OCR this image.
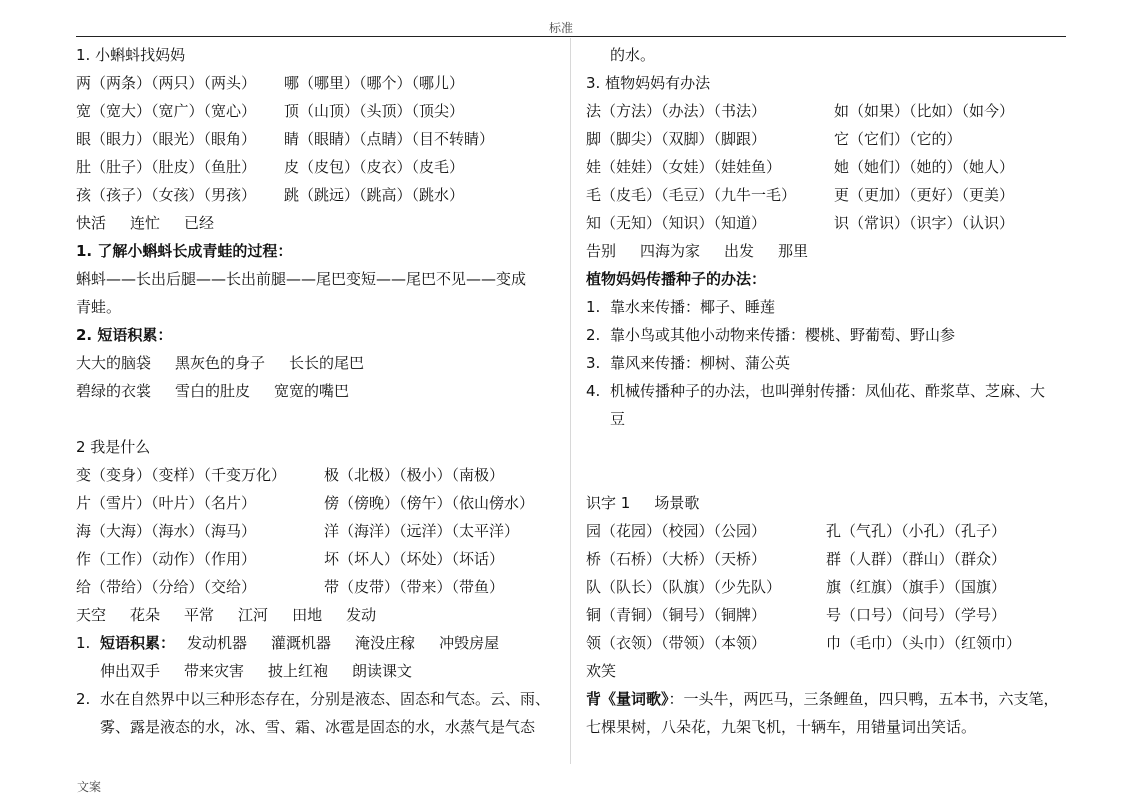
标准
1. 小蝌蚪找妈妈
两（两条）（两只）（两头） 哪（哪里）（哪个）（哪儿）
宽（宽大）（宽广）（宽心） 顶（山顶）（头顶）（顶尖）
眼（眼力）（眼光）（眼角） 睛（眼睛）（点睛）（目不转睛）
肚（肚子）（肚皮）（鱼肚） 皮（皮包）（皮衣）（皮毛）
孩（孩子）（女孩）（男孩） 跳（跳远）（跳高）（跳水）
快活 连忙 已经
1. 了解小蝌蚪长成青蛙的过程：
蝌蚪——长出后腿——长出前腿——尾巴变短——尾巴不见——变成
青蛙。
2. 短语积累：
大大的脑袋 黑灰色的身子 长长的尾巴
碧绿的衣裳 雪白的肚皮 宽宽的嘴巴
2 我是什么
变（变身）（变样）（千变万化）	极（北极）（极小）（南极）
片（雪片）（叶片）（名片）	傍（傍晚）（傍午）（依山傍水）
海（大海）（海水）（海马）	洋（海洋）（远洋）（太平洋）
作（工作）（动作）（作用）	坏（坏人）（坏处）（坏话）
给（带给）（分给）（交给）	带（皮带）（带来）（带鱼）
天空 花朵 平常 江河 田地 发动
1. 短语积累： 发动机器 灌溉机器 淹没庄稼 冲毁房屋
伸出双手 带来灾害 披上红袍 朗读课文
2. 水在自然界中以三种形态存在，分别是液态、固态和气态。云、雨、
雾、露是液态的水，冰、雪、霜、冰雹是固态的水，水蒸气是气态
的水。
3. 植物妈妈有办法
法（方法）（办法）（书法）	如（如果）（比如）（如今）
脚（脚尖）（双脚）（脚跟）	它（它们）（它的）
娃（娃娃）（女娃）（娃娃鱼）	她（她们）（她的）（她人）
毛（皮毛）（毛豆）（九牛一毛）	更（更加）（更好）（更美）
知（无知）（知识）（知道）	识（常识）（识字）（认识）
告别 四海为家 出发 那里
植物妈妈传播种子的办法：
1. 靠水来传播：椰子、睡莲
2. 靠小鸟或其他小动物来传播：樱桃、野葡萄、野山参
3. 靠风来传播：柳树、蒲公英
4. 机械传播种子的办法，也叫弹射传播：凤仙花、酢浆草、芝麻、大
豆
识字 1 场景歌
园（花园）（校园）（公园）	孔（气孔）（小孔）（孔子）
桥（石桥）（大桥）（天桥）	群（人群）（群山）（群众）
队（队长）（队旗）（少先队）	旗（红旗）（旗手）（国旗）
铜（青铜）（铜号）（铜牌）	号（口号）（问号）（学号）
领（衣领）（带领）（本领）	巾（毛巾）（头巾）（红领巾）
欢笑
背《量词歌》：一头牛，两匹马，三条鲤鱼，四只鸭，五本书，六支笔，
七棵果树，八朵花，九架飞机，十辆车，用错量词出笑话。
文案
